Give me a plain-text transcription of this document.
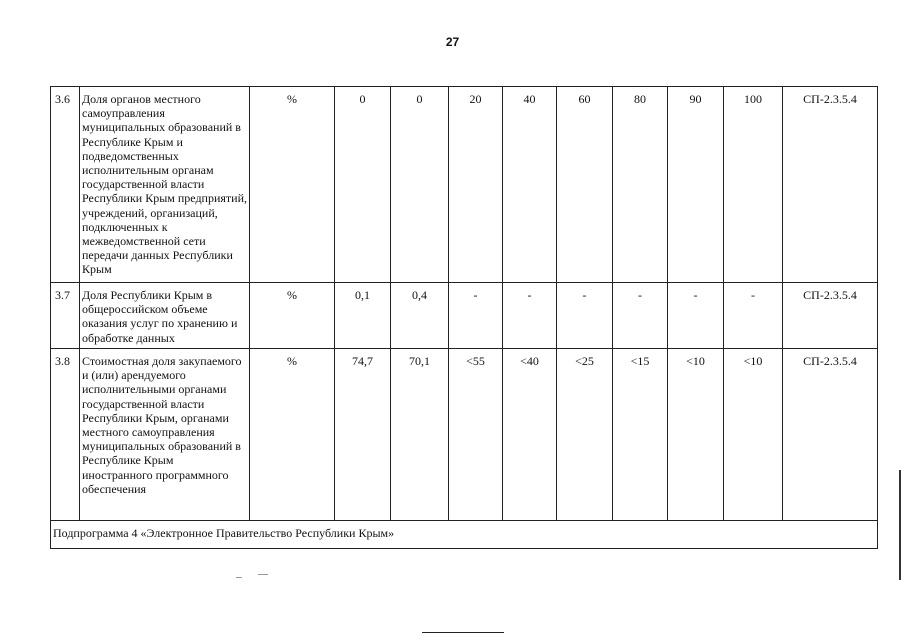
27
3.6	Доля органов местного самоуправления муниципальных образований в Республике Крым и подведомственных исполнительным органам государственной власти Республики Крым предприятий, учреждений, организаций, подключенных к межведомственной сети передачи данных Республики Крым	%	0	0	20	40	60	80	90	100	СП-2.3.5.4
3.7	Доля Республики Крым в общероссийском объеме оказания услуг по хранению и обработке данных	%	0,1	0,4	-	-	-	-	-	-	СП-2.3.5.4
3.8	Стоимостная доля закупаемого и (или) арендуемого исполнительными органами государственной власти Республики Крым, органами местного самоуправления муниципальных образований в Республике Крым иностранного программного обеспечения	%	74,7	70,1	<55	<40	<25	<15	<10	<10	СП-2.3.5.4
Подпрограмма 4 «Электронное Правительство Республики Крым»											
